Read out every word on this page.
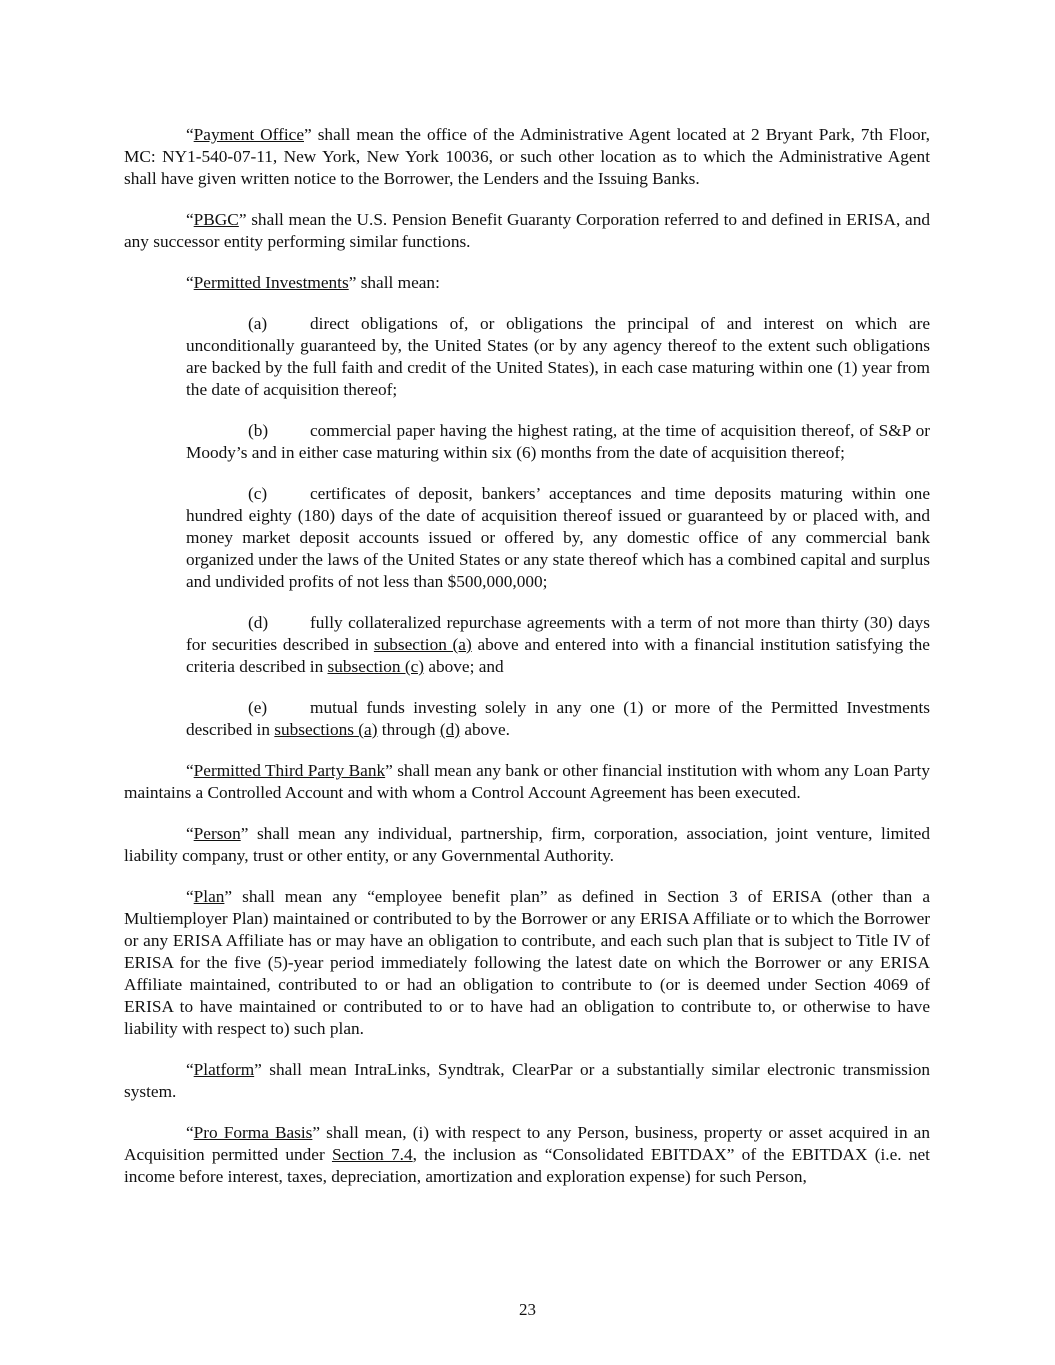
“Payment Office” shall mean the office of the Administrative Agent located at 2 Bryant Park, 7th Floor, MC: NY1-540-07-11, New York, New York 10036, or such other location as to which the Administrative Agent shall have given written notice to the Borrower, the Lenders and the Issuing Banks.

“PBGC” shall mean the U.S. Pension Benefit Guaranty Corporation referred to and defined in ERISA, and any successor entity performing similar functions.

“Permitted Investments” shall mean:

(a) direct obligations of, or obligations the principal of and interest on which are unconditionally guaranteed by, the United States (or by any agency thereof to the extent such obligations are backed by the full faith and credit of the United States), in each case maturing within one (1) year from the date of acquisition thereof;

(b) commercial paper having the highest rating, at the time of acquisition thereof, of S&P or Moody’s and in either case maturing within six (6) months from the date of acquisition thereof;

(c) certificates of deposit, bankers’ acceptances and time deposits maturing within one hundred eighty (180) days of the date of acquisition thereof issued or guaranteed by or placed with, and money market deposit accounts issued or offered by, any domestic office of any commercial bank organized under the laws of the United States or any state thereof which has a combined capital and surplus and undivided profits of not less than $500,000,000;

(d) fully collateralized repurchase agreements with a term of not more than thirty (30) days for securities described in subsection (a) above and entered into with a financial institution satisfying the criteria described in subsection (c) above; and

(e) mutual funds investing solely in any one (1) or more of the Permitted Investments described in subsections (a) through (d) above.

“Permitted Third Party Bank” shall mean any bank or other financial institution with whom any Loan Party maintains a Controlled Account and with whom a Control Account Agreement has been executed.

“Person” shall mean any individual, partnership, firm, corporation, association, joint venture, limited liability company, trust or other entity, or any Governmental Authority.

“Plan” shall mean any “employee benefit plan” as defined in Section 3 of ERISA (other than a Multiemployer Plan) maintained or contributed to by the Borrower or any ERISA Affiliate or to which the Borrower or any ERISA Affiliate has or may have an obligation to contribute, and each such plan that is subject to Title IV of ERISA for the five (5)-year period immediately following the latest date on which the Borrower or any ERISA Affiliate maintained, contributed to or had an obligation to contribute to (or is deemed under Section 4069 of ERISA to have maintained or contributed to or to have had an obligation to contribute to, or otherwise to have liability with respect to) such plan.

“Platform” shall mean IntraLinks, Syndtrak, ClearPar or a substantially similar electronic transmission system.

“Pro Forma Basis” shall mean, (i) with respect to any Person, business, property or asset acquired in an Acquisition permitted under Section 7.4, the inclusion as “Consolidated EBITDAX” of the EBITDAX (i.e. net income before interest, taxes, depreciation, amortization and exploration expense) for such Person,

23
